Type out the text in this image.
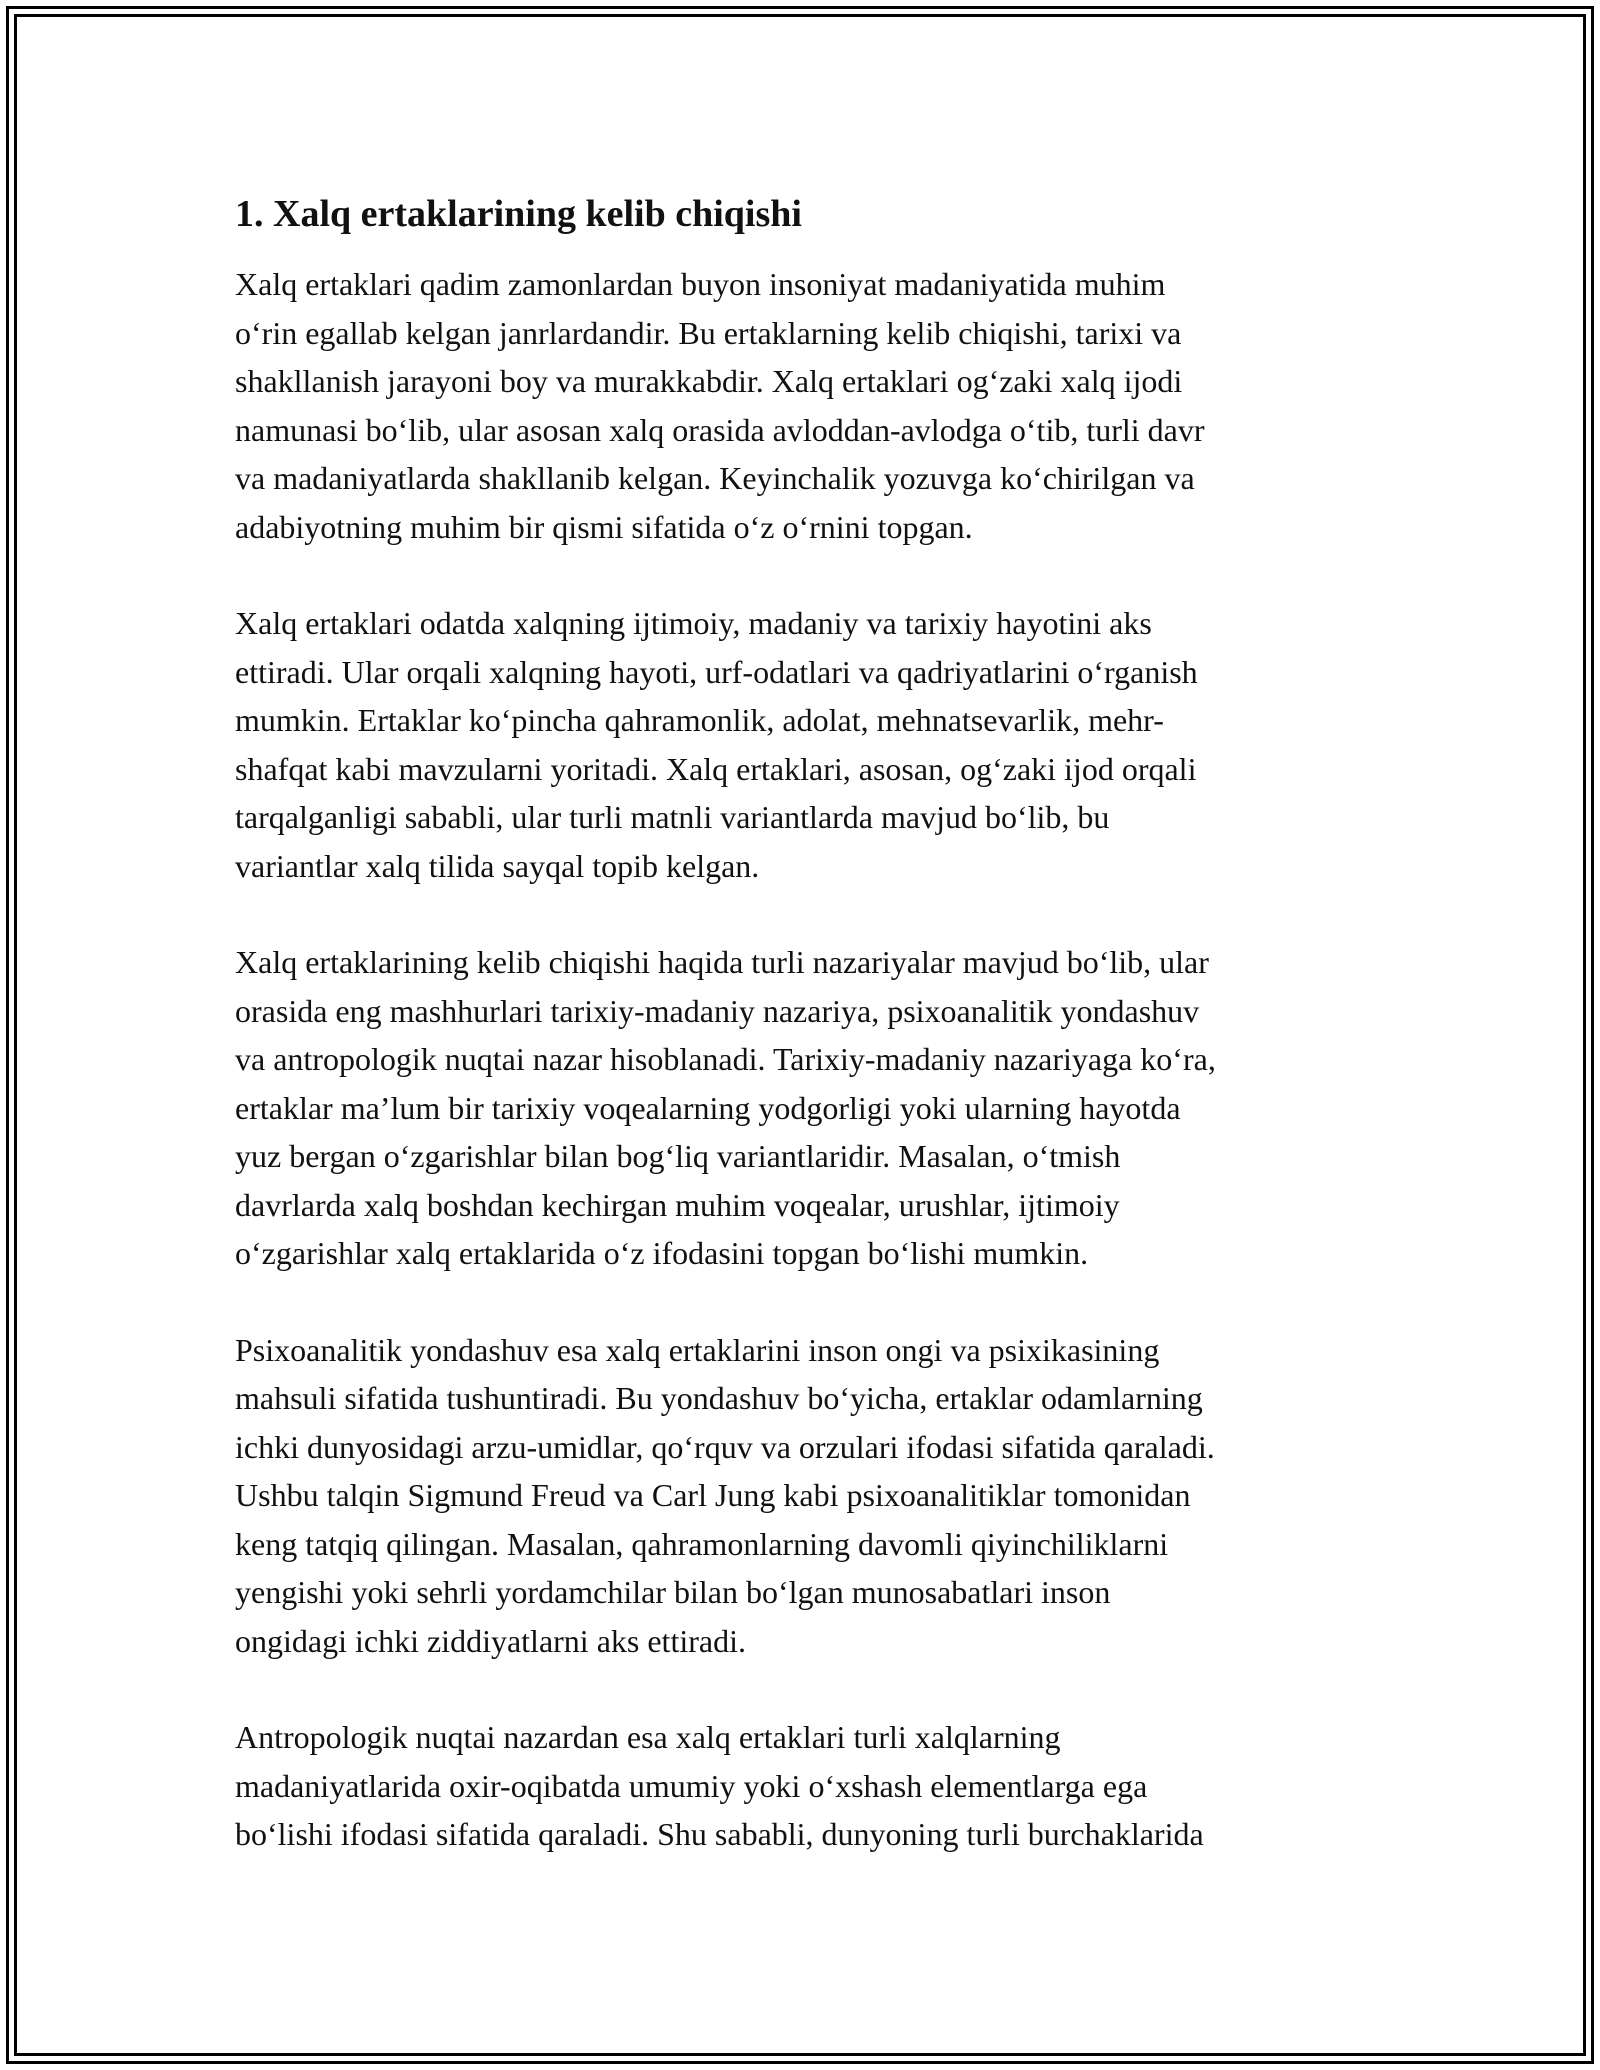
1. Xalq ertaklarining kelib chiqishi
Xalq ertaklari qadim zamonlardan buyon insoniyat madaniyatida muhim
o‘rin egallab kelgan janrlardandir. Bu ertaklarning kelib chiqishi, tarixi va
shakllanish jarayoni boy va murakkabdir. Xalq ertaklari og‘zaki xalq ijodi
namunasi bo‘lib, ular asosan xalq orasida avloddan-avlodga o‘tib, turli davr
va madaniyatlarda shakllanib kelgan. Keyinchalik yozuvga ko‘chirilgan va
adabiyotning muhim bir qismi sifatida o‘z o‘rnini topgan.
Xalq ertaklari odatda xalqning ijtimoiy, madaniy va tarixiy hayotini aks
ettiradi. Ular orqali xalqning hayoti, urf-odatlari va qadriyatlarini o‘rganish
mumkin. Ertaklar ko‘pincha qahramonlik, adolat, mehnatsevarlik, mehr-
shafqat kabi mavzularni yoritadi. Xalq ertaklari, asosan, og‘zaki ijod orqali
tarqalganligi sababli, ular turli matnli variantlarda mavjud bo‘lib, bu
variantlar xalq tilida sayqal topib kelgan.
Xalq ertaklarining kelib chiqishi haqida turli nazariyalar mavjud bo‘lib, ular
orasida eng mashhurlari tarixiy-madaniy nazariya, psixoanalitik yondashuv
va antropologik nuqtai nazar hisoblanadi. Tarixiy-madaniy nazariyaga ko‘ra,
ertaklar ma’lum bir tarixiy voqealarning yodgorligi yoki ularning hayotda
yuz bergan o‘zgarishlar bilan bog‘liq variantlaridir. Masalan, o‘tmish
davrlarda xalq boshdan kechirgan muhim voqealar, urushlar, ijtimoiy
o‘zgarishlar xalq ertaklarida o‘z ifodasini topgan bo‘lishi mumkin.
Psixoanalitik yondashuv esa xalq ertaklarini inson ongi va psixikasining
mahsuli sifatida tushuntiradi. Bu yondashuv bo‘yicha, ertaklar odamlarning
ichki dunyosidagi arzu-umidlar, qo‘rquv va orzulari ifodasi sifatida qaraladi.
Ushbu talqin Sigmund Freud va Carl Jung kabi psixoanalitiklar tomonidan
keng tatqiq qilingan. Masalan, qahramonlarning davomli qiyinchiliklarni
yengishi yoki sehrli yordamchilar bilan bo‘lgan munosabatlari inson
ongidagi ichki ziddiyatlarni aks ettiradi.
Antropologik nuqtai nazardan esa xalq ertaklari turli xalqlarning
madaniyatlarida oxir-oqibatda umumiy yoki o‘xshash elementlarga ega
bo‘lishi ifodasi sifatida qaraladi. Shu sababli, dunyoning turli burchaklarida
